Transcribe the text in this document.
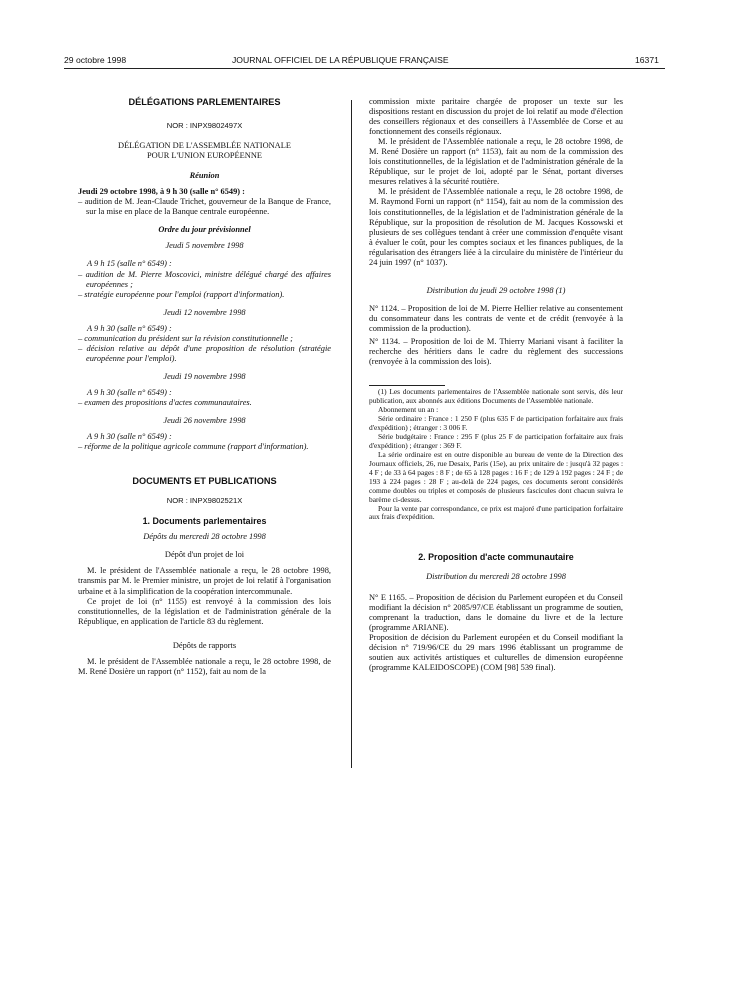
29 octobre 1998	JOURNAL OFFICIEL DE LA RÉPUBLIQUE FRANÇAISE	16371

DÉLÉGATIONS PARLEMENTAIRES

NOR : INPX9802497X

DÉLÉGATION DE L'ASSEMBLÉE NATIONALE

POUR L'UNION EUROPÉENNE

Réunion

Jeudi 29 octobre 1998, à 9 h 30 (salle n° 6549) :

– audition de M. Jean-Claude Trichet, gouverneur de la Banque de France, sur la mise en place de la Banque centrale européenne.

Ordre du jour prévisionnel

Jeudi 5 novembre 1998

A 9 h 15 (salle n° 6549) :

– audition de M. Pierre Moscovici, ministre délégué chargé des affaires européennes ;

– stratégie européenne pour l'emploi (rapport d'information).

Jeudi 12 novembre 1998

A 9 h 30 (salle n° 6549) :

– communication du président sur la révision constitutionnelle ;

– décision relative au dépôt d'une proposition de résolution (stratégie européenne pour l'emploi).

Jeudi 19 novembre 1998

A 9 h 30 (salle n° 6549) :

– examen des propositions d'actes communautaires.

Jeudi 26 novembre 1998

A 9 h 30 (salle n° 6549) :

– réforme de la politique agricole commune (rapport d'information).

DOCUMENTS ET PUBLICATIONS

NOR : INPX9802521X

1. Documents parlementaires

Dépôts du mercredi 28 octobre 1998

Dépôt d'un projet de loi

M. le président de l'Assemblée nationale a reçu, le 28 octobre 1998, transmis par M. le Premier ministre, un projet de loi relatif à l'organisation urbaine et à la simplification de la coopération intercommunale.

Ce projet de loi (n° 1155) est renvoyé à la commission des lois constitutionnelles, de la législation et de l'administration générale de la République, en application de l'article 83 du règlement.

Dépôts de rapports

M. le président de l'Assemblée nationale a reçu, le 28 octobre 1998, de M. René Dosière un rapport (n° 1152), fait au nom de la

commission mixte paritaire chargée de proposer un texte sur les dispositions restant en discussion du projet de loi relatif au mode d'élection des conseillers régionaux et des conseillers à l'Assemblée de Corse et au fonctionnement des conseils régionaux.

M. le président de l'Assemblée nationale a reçu, le 28 octobre 1998, de M. René Dosière un rapport (n° 1153), fait au nom de la commission des lois constitutionnelles, de la législation et de l'administration générale de la République, sur le projet de loi, adopté par le Sénat, portant diverses mesures relatives à la sécurité routière.

M. le président de l'Assemblée nationale a reçu, le 28 octobre 1998, de M. Raymond Forni un rapport (n° 1154), fait au nom de la commission des lois constitutionnelles, de la législation et de l'administration générale de la République, sur la proposition de résolution de M. Jacques Kossowski et plusieurs de ses collègues tendant à créer une commission d'enquête visant à évaluer le coût, pour les comptes sociaux et les finances publiques, de la régularisation des étrangers liée à la circulaire du ministère de l'intérieur du 24 juin 1997 (n° 1037).

Distribution du jeudi 29 octobre 1998 (1)

N° 1124. – Proposition de loi de M. Pierre Hellier relative au consentement du consommateur dans les contrats de vente et de crédit (renvoyée à la commission de la production).

N° 1134. – Proposition de loi de M. Thierry Mariani visant à faciliter la recherche des héritiers dans le cadre du règlement des successions (renvoyée à la commission des lois).

(1) Les documents parlementaires de l'Assemblée nationale sont servis, dès leur publication, aux abonnés aux éditions Documents de l'Assemblée nationale.

Abonnement un an :

Série ordinaire : France : 1 250 F (plus 635 F de participation forfaitaire aux frais d'expédition) ; étranger : 3 006 F.

Série budgétaire : France : 295 F (plus 25 F de participation forfaitaire aux frais d'expédition) ; étranger : 369 F.

La série ordinaire est en outre disponible au bureau de vente de la Direction des Journaux officiels, 26, rue Desaix, Paris (15e), au prix unitaire de : jusqu'à 32 pages : 4 F ; de 33 à 64 pages : 8 F ; de 65 à 128 pages : 16 F ; de 129 à 192 pages : 24 F ; de 193 à 224 pages : 28 F ; au-delà de 224 pages, ces documents seront considérés comme doubles ou triples et composés de plusieurs fascicules dont chacun suivra le barème ci-dessus.

Pour la vente par correspondance, ce prix est majoré d'une participation forfaitaire aux frais d'expédition.

2. Proposition d'acte communautaire

Distribution du mercredi 28 octobre 1998

N° E 1165. – Proposition de décision du Parlement européen et du Conseil modifiant la décision n° 2085/97/CE établissant un programme de soutien, comprenant la traduction, dans le domaine du livre et de la lecture (programme ARIANE).

Proposition de décision du Parlement européen et du Conseil modifiant la décision n° 719/96/CE du 29 mars 1996 établissant un programme de soutien aux activités artistiques et culturelles de dimension européenne (programme KALEIDOSCOPE) (COM [98] 539 final).
